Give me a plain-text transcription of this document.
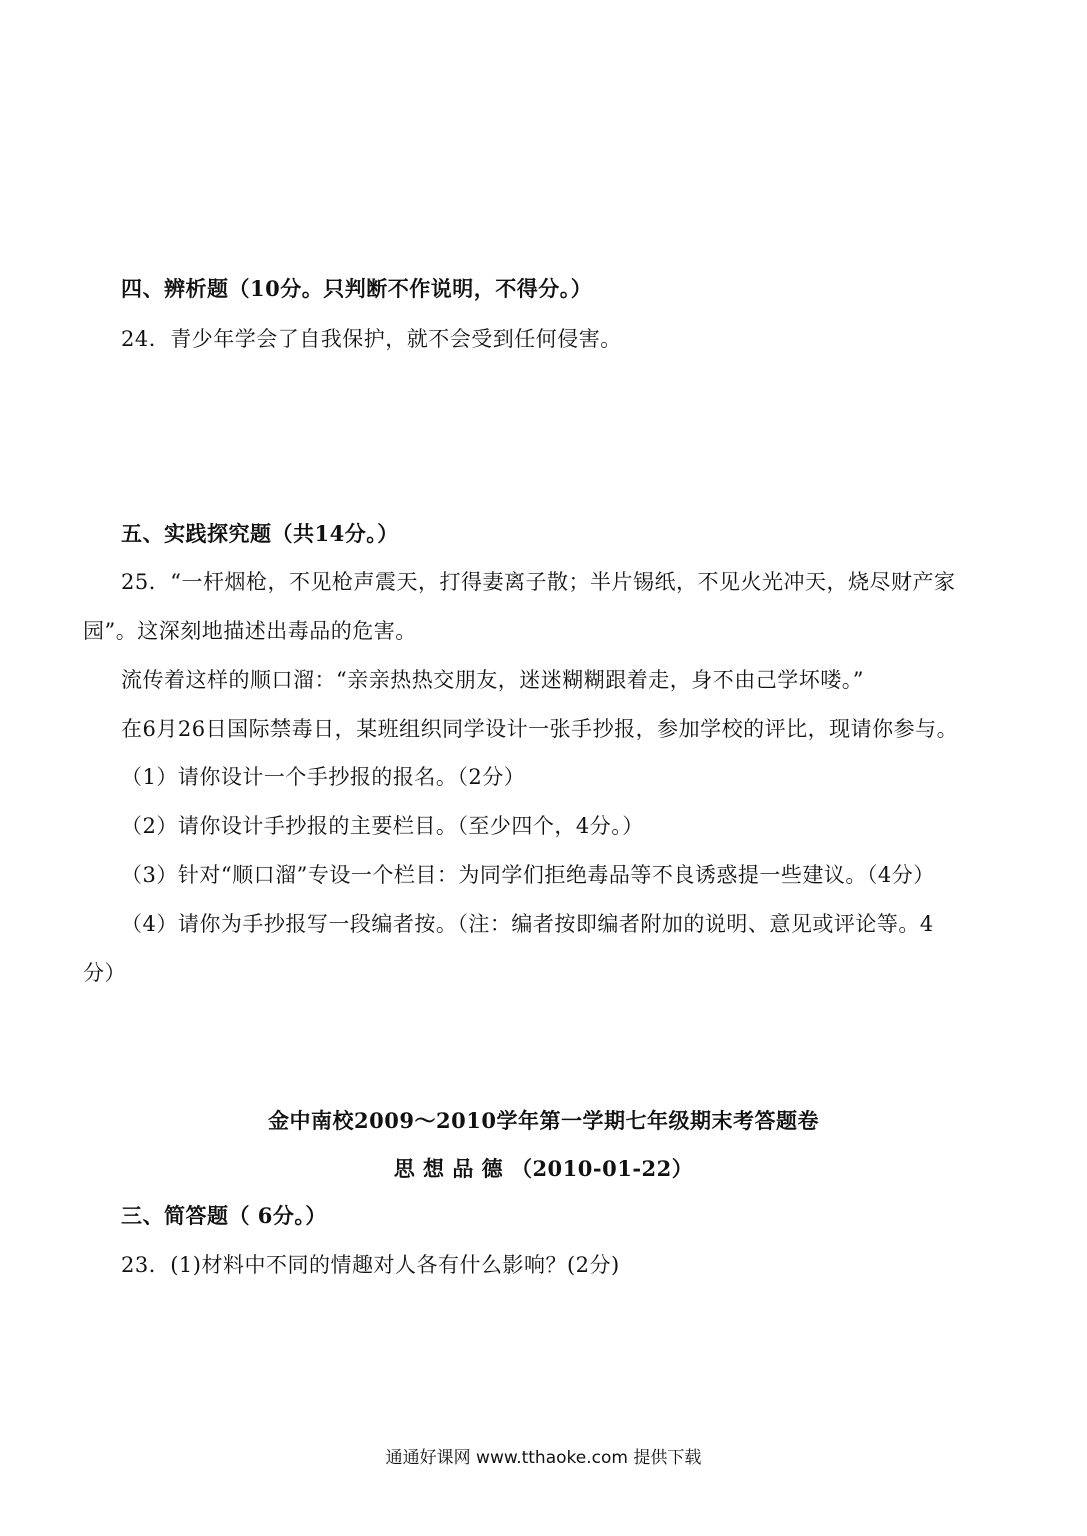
四、辨析题（10分。只判断不作说明，不得分。）
24．青少年学会了自我保护，就不会受到任何侵害。
五、实践探究题（共14分。）
25．“一杆烟枪，不见枪声震天，打得妻离子散；半片锡纸，不见火光冲天，烧尽财产家
园”。这深刻地描述出毒品的危害。
流传着这样的顺口溜：“亲亲热热交朋友，迷迷糊糊跟着走，身不由己学坏喽。”
在6月26日国际禁毒日，某班组织同学设计一张手抄报，参加学校的评比，现请你参与。
（1）请你设计一个手抄报的报名。（2分）
（2）请你设计手抄报的主要栏目。（至少四个，4分。）
（3）针对“顺口溜”专设一个栏目：为同学们拒绝毒品等不良诱惑提一些建议。（4分）
（4）请你为手抄报写一段编者按。（注：编者按即编者附加的说明、意见或评论等。4
分）
金中南校2009～2010学年第一学期七年级期末考答题卷
思 想 品 德 （2010-01-22）
三、简答题（ 6分。）
23．(1)材料中不同的情趣对人各有什么影响？(2分)
通通好课网 www.tthaoke.com 提供下载
